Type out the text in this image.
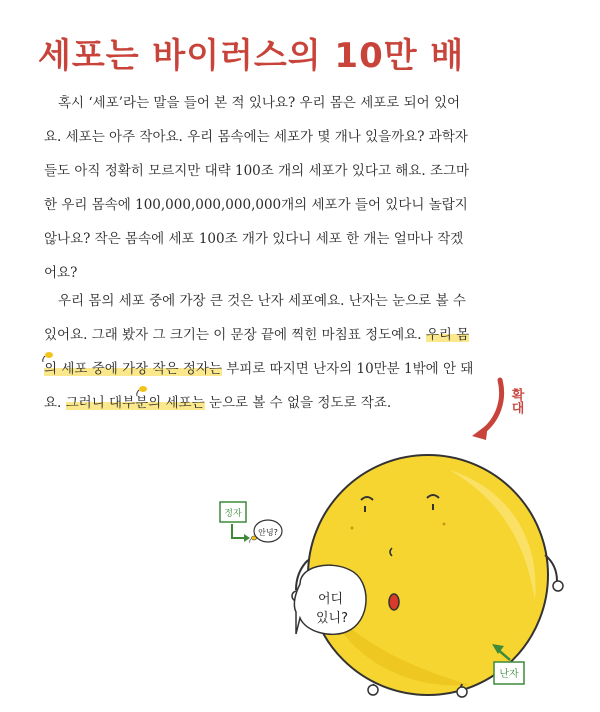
세포는 바이러스의 10만 배

혹시 ‘세포’라는 말을 들어 본 적 있나요? 우리 몸은 세포로 되어 있어요. 세포는 아주 작아요. 우리 몸속에는 세포가 몇 개나 있을까요? 과학자들도 아직 정확히 모르지만 대략 100조 개의 세포가 있다고 해요. 조그마한 우리 몸속에 100,000,000,000,000개의 세포가 들어 있다니 놀랍지 않나요? 작은 몸속에 세포 100조 개가 있다니 세포 한 개는 얼마나 작겠어요?

우리 몸의 세포 중에 가장 큰 것은 난자 세포예요. 난자는 눈으로 볼 수 있어요. 그래 봤자 그 크기는 이 문장 끝에 찍힌 마침표 정도예요. 우리 몸의 세포 중에 가장 작은 정자는 부피로 따지면 난자의 10만분 1밖에 안 돼요. 그러니 대부분의 세포는 눈으로 볼 수 없을 정도로 작죠.	확대
어디
있니?
정자
안녕?
난자
